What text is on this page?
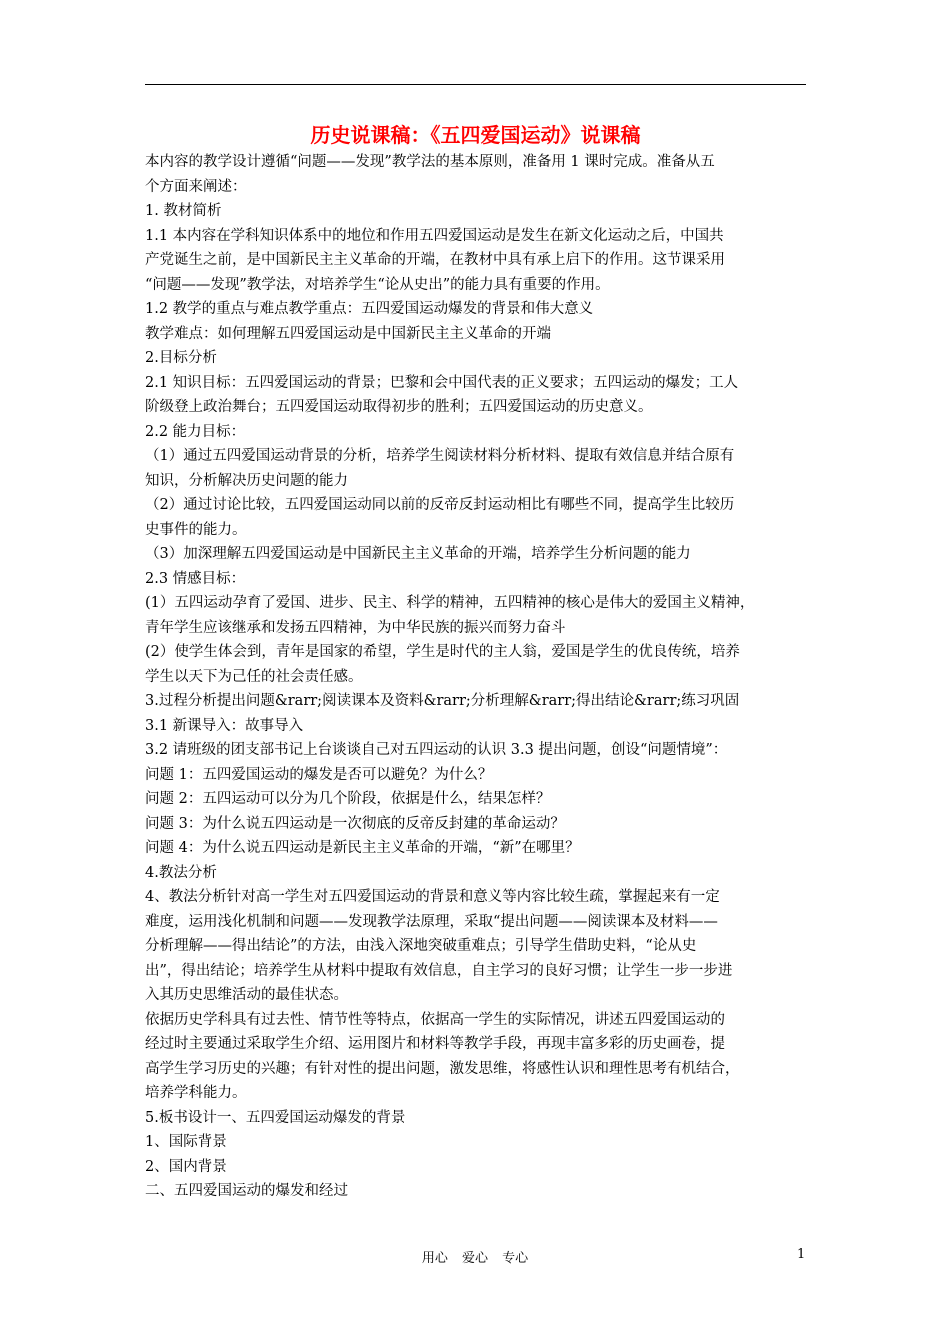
历史说课稿：《五四爱国运动》说课稿
本内容的教学设计遵循“问题——发现”教学法的基本原则，准备用 1 课时完成。准备从五
个方面来阐述：
1. 教材简析
1.1 本内容在学科知识体系中的地位和作用五四爱国运动是发生在新文化运动之后，中国共
产党诞生之前，是中国新民主主义革命的开端，在教材中具有承上启下的作用。这节课采用
“问题——发现”教学法，对培养学生“论从史出”的能力具有重要的作用。
1.2 教学的重点与难点教学重点：五四爱国运动爆发的背景和伟大意义
教学难点：如何理解五四爱国运动是中国新民主主义革命的开端
2.目标分析
2.1 知识目标：五四爱国运动的背景；巴黎和会中国代表的正义要求；五四运动的爆发；工人
阶级登上政治舞台；五四爱国运动取得初步的胜利；五四爱国运动的历史意义。
2.2 能力目标：
（1）通过五四爱国运动背景的分析，培养学生阅读材料分析材料、提取有效信息并结合原有
知识，分析解决历史问题的能力
（2）通过讨论比较，五四爱国运动同以前的反帝反封运动相比有哪些不同，提高学生比较历
史事件的能力。
（3）加深理解五四爱国运动是中国新民主主义革命的开端，培养学生分析问题的能力
2.3 情感目标：
(1）五四运动孕育了爱国、进步、民主、科学的精神，五四精神的核心是伟大的爱国主义精神，
青年学生应该继承和发扬五四精神，为中华民族的振兴而努力奋斗
(2）使学生体会到，青年是国家的希望，学生是时代的主人翁，爱国是学生的优良传统，培养
学生以天下为己任的社会责任感。
3.过程分析提出问题&rarr;阅读课本及资料&rarr;分析理解&rarr;得出结论&rarr;练习巩固
3.1 新课导入：故事导入
3.2 请班级的团支部书记上台谈谈自己对五四运动的认识 3.3 提出问题，创设“问题情境”：
问题 1：五四爱国运动的爆发是否可以避免？为什么？
问题 2：五四运动可以分为几个阶段，依据是什么，结果怎样？
问题 3：为什么说五四运动是一次彻底的反帝反封建的革命运动？
问题 4：为什么说五四运动是新民主主义革命的开端，“新”在哪里？
4.教法分析
4、教法分析针对高一学生对五四爱国运动的背景和意义等内容比较生疏，掌握起来有一定
难度，运用浅化机制和问题——发现教学法原理，采取“提出问题——阅读课本及材料——
分析理解——得出结论”的方法，由浅入深地突破重难点；引导学生借助史料，“论从史
出”，得出结论；培养学生从材料中提取有效信息，自主学习的良好习惯；让学生一步一步进
入其历史思维活动的最佳状态。
依据历史学科具有过去性、情节性等特点，依据高一学生的实际情况，讲述五四爱国运动的
经过时主要通过采取学生介绍、运用图片和材料等教学手段，再现丰富多彩的历史画卷，提
高学生学习历史的兴趣；有针对性的提出问题，激发思维，将感性认识和理性思考有机结合，
培养学科能力。
5.板书设计一、五四爱国运动爆发的背景
1、国际背景
2、国内背景
二、五四爱国运动的爆发和经过
用心 爱心 专心	1
